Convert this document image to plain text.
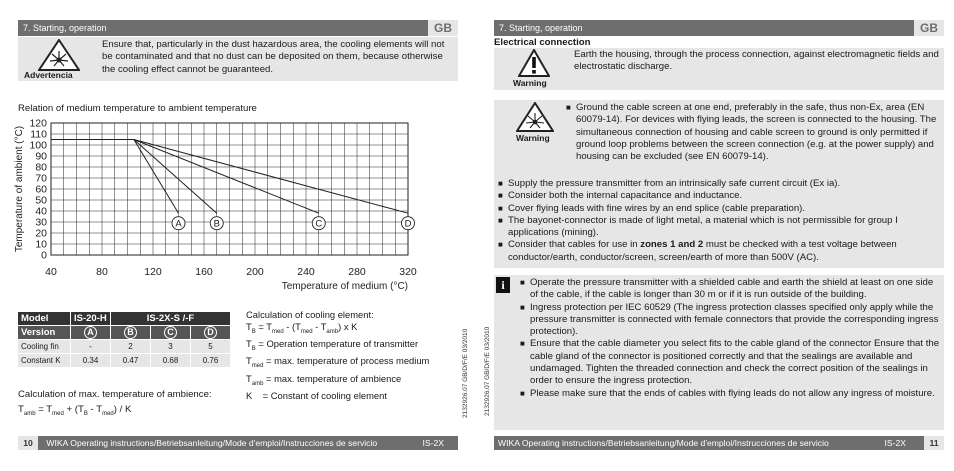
7. Starting, operation	GB
Advertencia
Ensure that, particularly in the dust hazardous area, the cooling elements will not be contaminated and that no dust can be deposited on them, because otherwise the cooling effect cannot be guaranteed.
Relation of medium temperature to ambient temperature
0
10
20
30
40
50
60
70
80
90
100
110
120
40	80	120	160	200	240	280	320
Temperature of medium (°C)
Temperature of ambient (°C)	A	B	C	D
Model	IS-20-H	IS-2X-S /-F		
Version	A	B	C	D
Cooling fin	-	2	3	5
Constant K	0.34	0.47	0.68	0.76
Calculation of cooling element:
$T_B = T_{med} - (T_{med} - T_{amb})$ x K
$T_B$ = Operation temperature of transmitter
$T_{med} = \max$. temperature of process medium
$T_{amb} = \max$. temperature of ambience
K    = Constant of cooling element
Calculation of max. temperature of ambience:
$T_{amb} = T_{med} + (T_B - T_{med}) / K$	2132926.07 GB/D/F/E 03/2010
10 WIKA Operating instructions/Betriebsanleitung/Mode d'emploi/Instrucciones de servicio	IS-2X
2132926.07 GB/D/F/E 03/2010
7. Starting, operation	GB
Electrical connection
Warning
Earth the housing, through the process connection, against electromagnetic fields and electrostatic discharge.
Warning
■ Ground the cable screen at one end, preferably in the safe, thus non-Ex, area (EN 60079-14). For devices with flying leads, the screen is connected to the housing. The simultaneous connection of housing and cable screen to ground is only permitted if ground loop problems between the screen connection (e.g. at the power supply) and housing can be excluded (see EN 60079-14).
■ Supply the pressure transmitter from an intrinsically safe current circuit (Ex ia).
■ Consider both the internal capacitance and inductance.
■ Cover flying leads with fine wires by an end splice (cable preparation).
■ The bayonet-connector is made of light metal, a material which is not permissible for group I applications (mining).
■ Consider that cables for use in zones 1 and 2 must be checked with a test voltage between conductor/earth, conductor/screen, screen/earth of more than 500V (AC).
i	■ Operate the pressure transmitter with a shielded cable and earth the shield at least on one side of the cable, if the cable is longer than 30 m or if it is run outside of the building.
■ Ingress protection per IEC 60529 (The ingress protection classes specified only apply while the pressure transmitter is connected with female connectors that provide the corresponding ingress protection).
■ Ensure that the cable diameter you select fits to the cable gland of the connector Ensure that the cable gland of the connector is positioned correctly and that the sealings are available and undamaged. Tighten the threaded connection and check the correct position of the sealings in order to ensure the ingress protection.
■ Please make sure that the ends of cables with flying leads do not allow any ingress of moisture.
WIKA Operating instructions/Betriebsanleitung/Mode d'emploi/Instrucciones de servicio	IS-2X	11
